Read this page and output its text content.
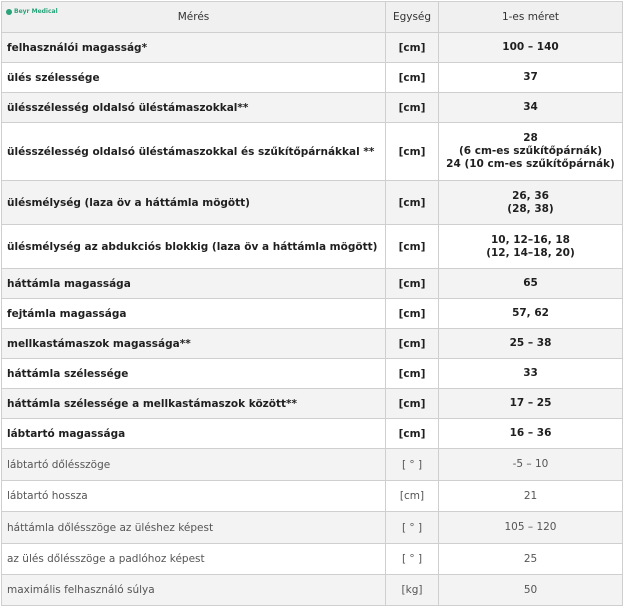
Mérés	Egység	1-es méret

felhasználói magasság*	[cm]	100 – 140

ülés szélessége	[cm]	37

ülésszélesség oldalsó üléstámaszokkal**	[cm]	34

ülésszélesség oldalsó üléstámaszokkal és szűkítőpárnákkal **	[cm]	28
(6 cm-es szűkítőpárnák)
24 (10 cm-es szűkítőpárnák)

ülésmélység (laza öv a háttámla mögött)	[cm]	26, 36
(28, 38)

ülésmélység az abdukciós blokkig (laza öv a háttámla mögött)	[cm]	10, 12–16, 18
(12, 14–18, 20)

háttámla magassága	[cm]	65

fejtámla magassága	[cm]	57, 62

mellkastámaszok magassága**	[cm]	25 – 38

háttámla szélessége	[cm]	33

háttámla szélessége a mellkastámaszok között**	[cm]	17 – 25

lábtartó magassága	[cm]	16 – 36

lábtartó dőlésszöge	[ ° ]	-5 – 10

lábtartó hossza	[cm]	21

háttámla dőlésszöge az üléshez képest	[ ° ]	105 – 120

az ülés dőlésszöge a padlóhoz képest	[ ° ]	25

maximális felhasználó súlya	[kg]	50
Beyr Medical
